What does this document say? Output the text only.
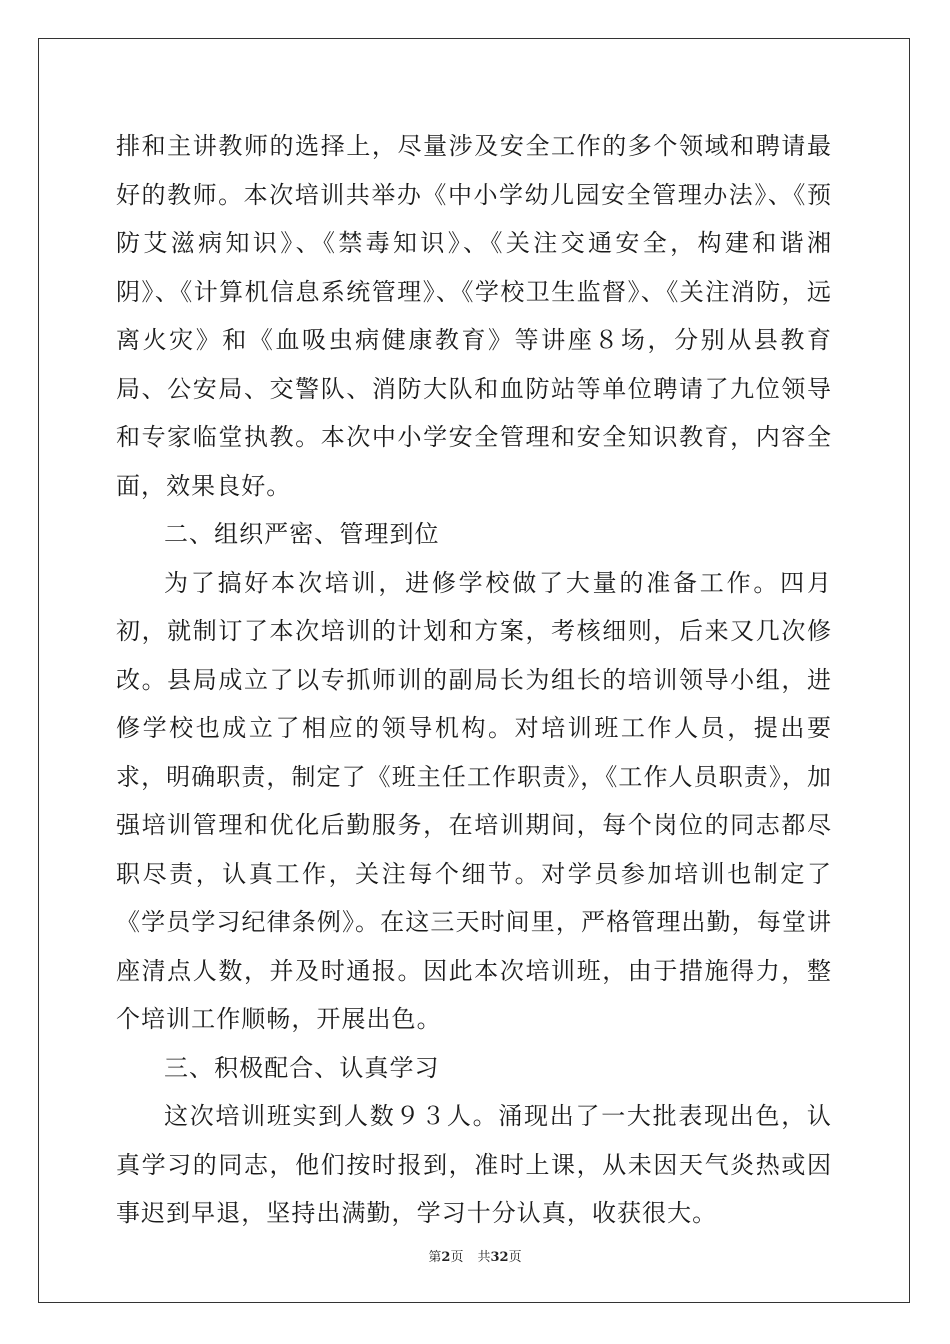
排和主讲教师的选择上，尽量涉及安全工作的多个领域和聘请最好的教师。本次培训共举办《中小学幼儿园安全管理办法》、《预防艾滋病知识》、《禁毒知识》、《关注交通安全，构建和谐湘阴》、《计算机信息系统管理》、《学校卫生监督》、《关注消防，远离火灾》和《血吸虫病健康教育》等讲座８场，分别从县教育局、公安局、交警队、消防大队和血防站等单位聘请了九位领导和专家临堂执教。本次中小学安全管理和安全知识教育，内容全面，效果良好。

二、组织严密、管理到位

为了搞好本次培训，进修学校做了大量的准备工作。四月初，就制订了本次培训的计划和方案，考核细则，后来又几次修改。县局成立了以专抓师训的副局长为组长的培训领导小组，进修学校也成立了相应的领导机构。对培训班工作人员，提出要求，明确职责，制定了《班主任工作职责》，《工作人员职责》，加强培训管理和优化后勤服务，在培训期间，每个岗位的同志都尽职尽责，认真工作，关注每个细节。对学员参加培训也制定了《学员学习纪律条例》。在这三天时间里，严格管理出勤，每堂讲座清点人数，并及时通报。因此本次培训班，由于措施得力，整个培训工作顺畅，开展出色。

三、积极配合、认真学习

这次培训班实到人数９３人。涌现出了一大批表现出色，认真学习的同志，他们按时报到，准时上课，从未因天气炎热或因事迟到早退，坚持出满勤，学习十分认真，收获很大。

第2页 共32页
